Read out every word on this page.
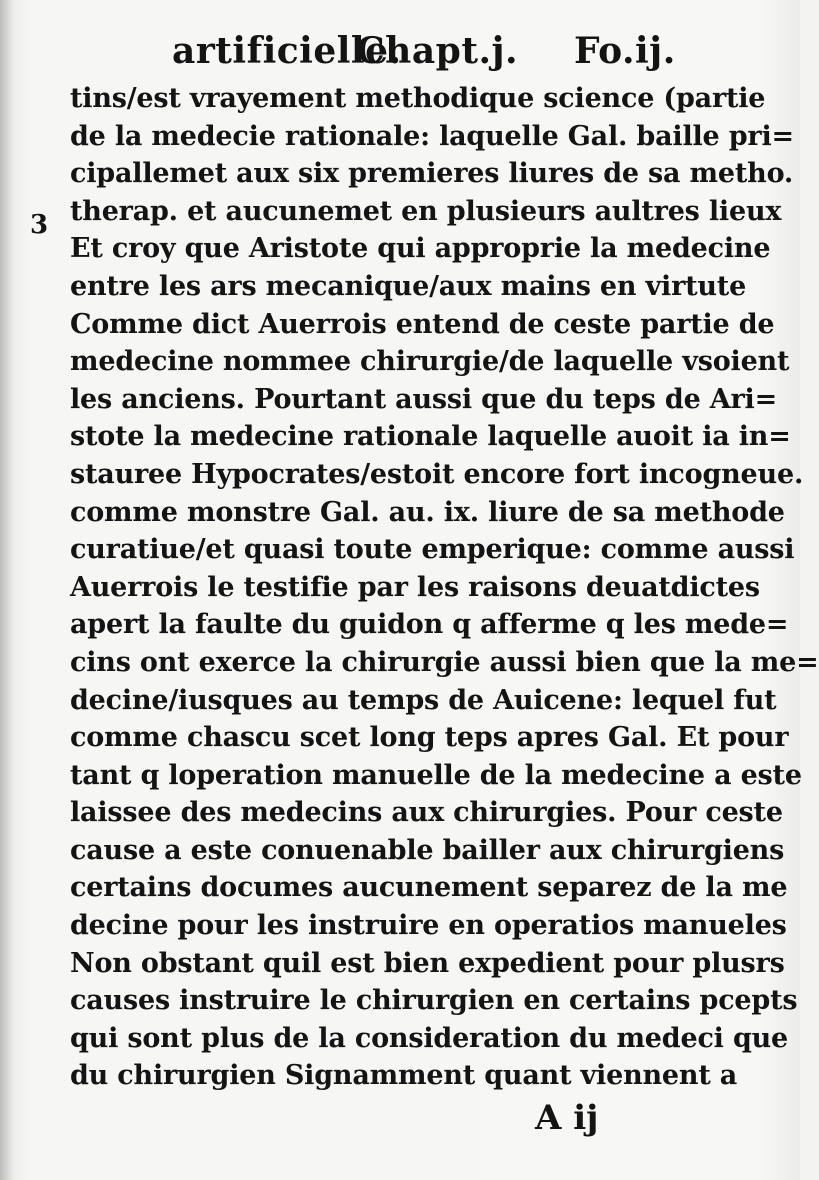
artificielle.
Chapt.j. Fo.ij.
3
tins/est vrayement methodique science (partie
de la medecie rationale: laquelle Gal. baille pri=
cipallemet aux six premieres liures de sa metho.
therap. et aucunemet en plusieurs aultres lieux
Et croy que Aristote qui approprie la medecine
entre les ars mecanique/aux mains en virtute
Comme dict Auerrois entend de ceste partie de
medecine nommee chirurgie/de laquelle vsoient
les anciens. Pourtant aussi que du teps de Ari=
stote la medecine rationale laquelle auoit ia in=
stauree Hypocrates/estoit encore fort incogneue.
comme monstre Gal. au. ix. liure de sa methode
curatiue/et quasi toute emperique: comme aussi
Auerrois le testifie par les raisons deuatdictes
apert la faulte du guidon q afferme q les mede=
cins ont exerce la chirurgie aussi bien que la me=
decine/iusques au temps de Auicene: lequel fut
comme chascu scet long teps apres Gal. Et pour
tant q loperation manuelle de la medecine a este
laissee des medecins aux chirurgies. Pour ceste
cause a este conuenable bailler aux chirurgiens
certains documes aucunement separez de la me
decine pour les instruire en operatios manueles
Non obstant quil est bien expedient pour plusrs
causes instruire le chirurgien en certains pcepts
qui sont plus de la consideration du medeci que
du chirurgien Signamment quant viennent a
A ij
